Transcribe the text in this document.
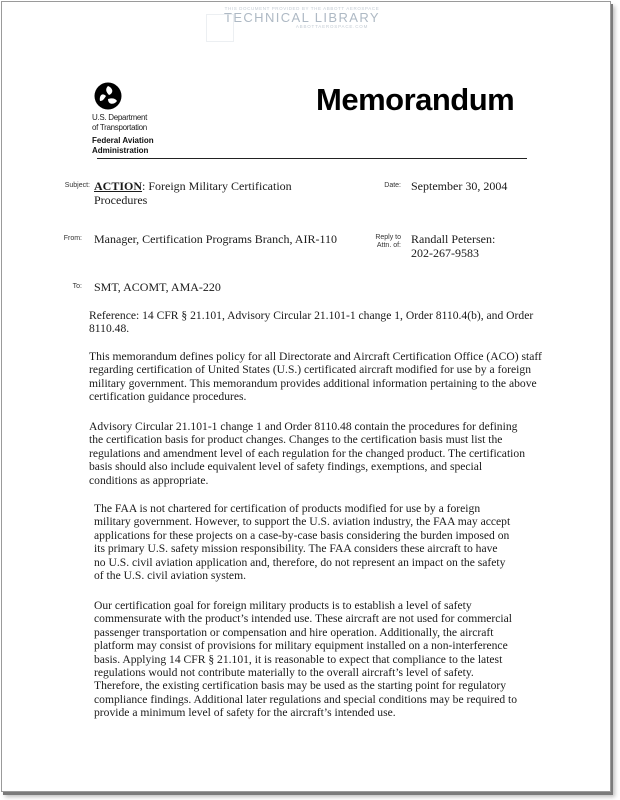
THIS DOCUMENT PROVIDED BY THE ABBOTT AEROSPACE
TECHNICAL LIBRARY
ABBOTTAEROSPACE.COM
U.S. Department
of Transportation
Federal Aviation
Administration
Memorandum
Subject: ACTION: Foreign Military Certification
Procedures
Date: September 30, 2004
From: Manager, Certification Programs Branch, AIR-110	Reply to
Attn. of: Randall Petersen:
202-267-9583
To: SMT, ACOMT, AMA-220
Reference: 14 CFR § 21.101, Advisory Circular 21.101-1 change 1, Order 8110.4(b), and Order 8110.48.
This memorandum defines policy for all Directorate and Aircraft Certification Office (ACO) staff regarding certification of United States (U.S.) certificated aircraft modified for use by a foreign military government. This memorandum provides additional information pertaining to the above certification guidance procedures.
Advisory Circular 21.101-1 change 1 and Order 8110.48 contain the procedures for defining the certification basis for product changes. Changes to the certification basis must list the regulations and amendment level of each regulation for the changed product. The certification basis should also include equivalent level of safety findings, exemptions, and special conditions as appropriate.
The FAA is not chartered for certification of products modified for use by a foreign military government. However, to support the U.S. aviation industry, the FAA may accept applications for these projects on a case-by-case basis considering the burden imposed on its primary U.S. safety mission responsibility. The FAA considers these aircraft to have no U.S. civil aviation application and, therefore, do not represent an impact on the safety of the U.S. civil aviation system.
Our certification goal for foreign military products is to establish a level of safety commensurate with the product’s intended use. These aircraft are not used for commercial passenger transportation or compensation and hire operation. Additionally, the aircraft platform may consist of provisions for military equipment installed on a non-interference basis. Applying 14 CFR § 21.101, it is reasonable to expect that compliance to the latest regulations would not contribute materially to the overall aircraft’s level of safety. Therefore, the existing certification basis may be used as the starting point for regulatory compliance findings. Additional later regulations and special conditions may be required to provide a minimum level of safety for the aircraft’s intended use.
